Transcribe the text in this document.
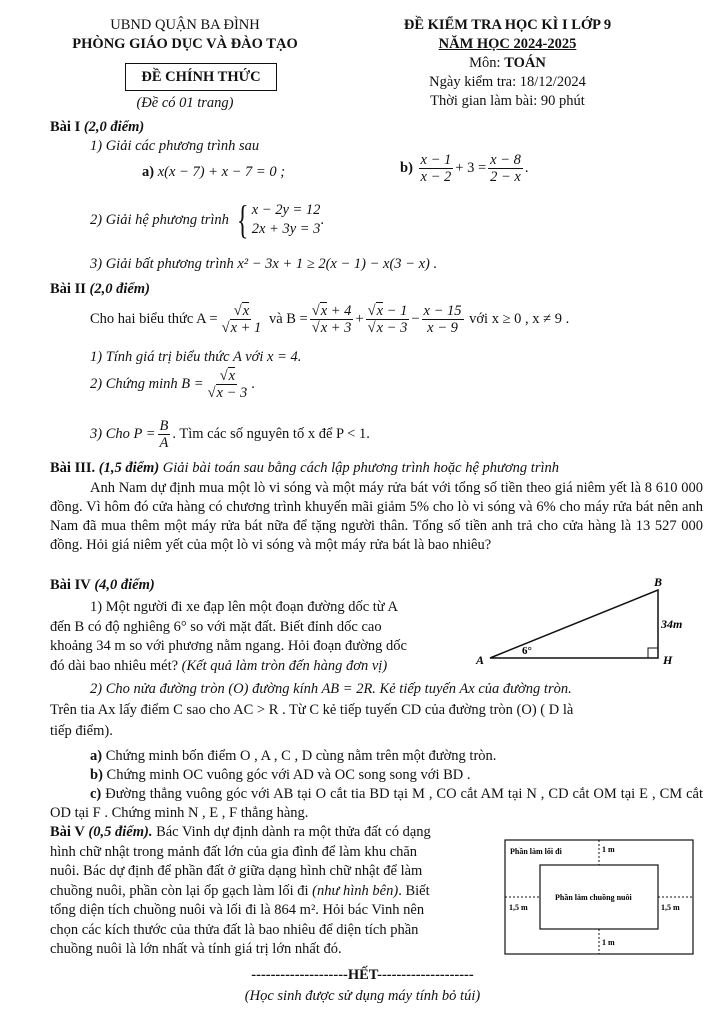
UBND QUẬN BA ĐÌNH
PHÒNG GIÁO DỤC VÀ ĐÀO TẠO
ĐỀ CHÍNH THỨC
(Đề có 01 trang)
ĐỀ KIỂM TRA HỌC KÌ I LỚP 9
NĂM HỌC 2024-2025
Môn: TOÁN
Ngày kiểm tra: 18/12/2024
Thời gian làm bài: 90 phút
Bài I (2,0 điểm)
1) Giải các phương trình sau
a) x(x − 7) + x − 7 = 0 ;	b)
$\frac{x - 1}{x - 2} + 3 = \frac{x - 8}{2 - x}$ .
2) Giải hệ phương trình
{ x − 2y = 12
2x + 3y = 3
.
3) Giải bất phương trình x² − 3x + 1 ≥ 2(x − 1) − x(3 − x) .
Bài II (2,0 điểm)
Cho hai biểu thức $A = \frac{√x}{√x + 1}$
và $B = \frac{√x + 4}{√x + 3} + \frac{√x - 1}{√x - 3} - \frac{x - 15}{x - 9}$
với x ≥ 0 , x ≠ 9 .
1) Tính giá trị biểu thức A với x = 4.
2) Chứng minh $B = \frac{√x}{√x - 3}$ .
3) Cho $P = \frac{B}{A}$ . Tìm các số nguyên tố x để P < 1.
Bài III. (1,5 điểm) Giải bài toán sau bằng cách lập phương trình hoặc hệ phương trình
Anh Nam dự định mua một lò vi sóng và một máy rửa bát với tổng số tiền theo giá niêm yết là 8 610 000 đồng. Vì hôm đó cửa hàng có chương trình khuyến mãi giảm 5% cho lò vi sóng và 6% cho máy rửa bát nên anh Nam đã mua thêm một máy rửa bát nữa để tặng người thân. Tổng số tiền anh trả cho cửa hàng là 13 527 000 đồng. Hỏi giá niêm yết của một lò vi sóng và một máy rửa bát là bao nhiêu?
Bài IV (4,0 điểm)
1) Một người đi xe đạp lên một đoạn đường dốc từ A
đến B có độ nghiêng 6° so với mặt đất. Biết đỉnh dốc cao
khoảng 34 m so với phương nằm ngang. Hỏi đoạn đường dốc
đó dài bao nhiêu mét? (Kết quả làm tròn đến hàng đơn vị)
B
A	H
34m
6°
2) Cho nửa đường tròn (O) đường kính AB = 2R. Kẻ tiếp tuyến Ax của đường tròn.
Trên tia Ax lấy điểm C sao cho AC > R . Từ C kẻ tiếp tuyến CD của đường tròn (O) ( D là
tiếp điểm).
a) Chứng minh bốn điểm O , A , C , D cùng nằm trên một đường tròn.
b) Chứng minh OC vuông góc với AD và OC song song với BD .
c) Đường thẳng vuông góc với AB tại O cắt tia BD tại M , CO cắt AM tại N , CD cắt OM tại E , CM cắt OD tại F . Chứng minh N , E , F thẳng hàng.
Bài V (0,5 điểm). Bác Vinh dự định dành ra một thửa đất có dạng
hình chữ nhật trong mảnh đất lớn của gia đình để làm khu chăn
nuôi. Bác dự định để phần đất ở giữa dạng hình chữ nhật để làm
chuồng nuôi, phần còn lại ốp gạch làm lối đi (như hình bên). Biết
tổng diện tích chuồng nuôi và lối đi là 864 m². Hỏi bác Vinh nên
chọn các kích thước của thửa đất là bao nhiêu để diện tích phần
chuồng nuôi là lớn nhất và tính giá trị lớn nhất đó.
Phần làm lối đi	1 m
Phần làm chuồng nuôi
1,5 m	1,5 m
1 m
--------------------HẾT--------------------
(Học sinh được sử dụng máy tính bỏ túi)
